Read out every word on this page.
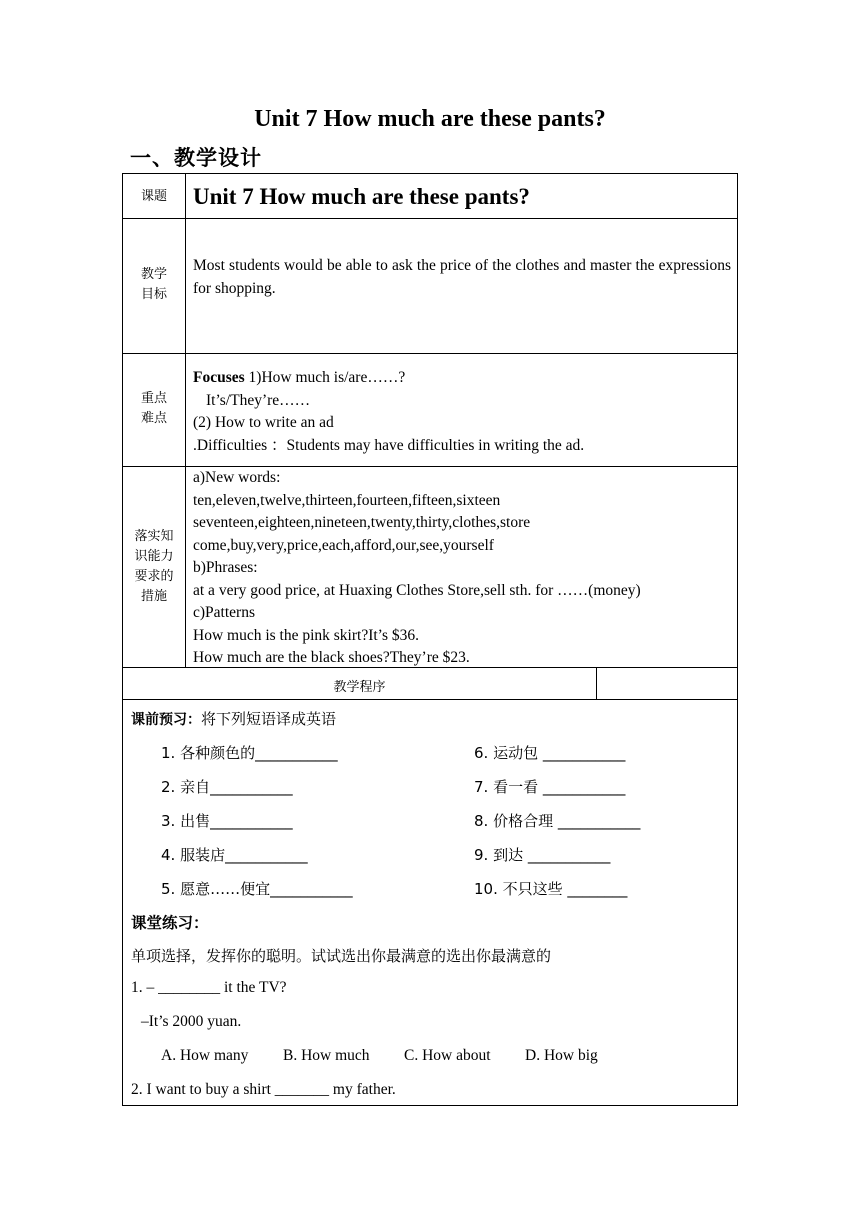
Unit 7 How much are these pants?
一、教学设计
课题	Unit 7 How much are these pants?
教学
目标
Most students would be able to ask the price of the clothes and master the expressions for shopping.
重点
难点
Focuses 1)How much is/are……?
It’s/They’re……
(2) How to write an ad
.Difficulties ：Students may have difficulties in writing the ad.
落实知
识能力
要求的
措施
a)New words:
ten,eleven,twelve,thirteen,fourteen,fifteen,sixteen
seventeen,eighteen,nineteen,twenty,thirty,clothes,store
come,buy,very,price,each,afford,our,see,yourself
b)Phrases:
at a very good price, at Huaxing Clothes Store,sell sth. for ……(money)
c)Patterns
How much is the pink skirt?It’s $36.
How much are the black shoes?They’re $23.
教学程序
课前预习：将下列短语译成英语
1. 各种颜色的___________
2. 亲自___________
3. 出售___________
4. 服装店___________
5. 愿意……便宜___________
6. 运动包 ___________
7. 看一看 ___________
8. 价格合理 ___________
9. 到达 ___________
10. 不只这些 ________
课堂练习：
单项选择，发挥你的聪明。试试选出你最满意的选出你最满意的
1. – ________ it the TV?
–It’s 2000 yuan.
A. How many B. How much C. How about D. How big
2. I want to buy a shirt _______ my father.
